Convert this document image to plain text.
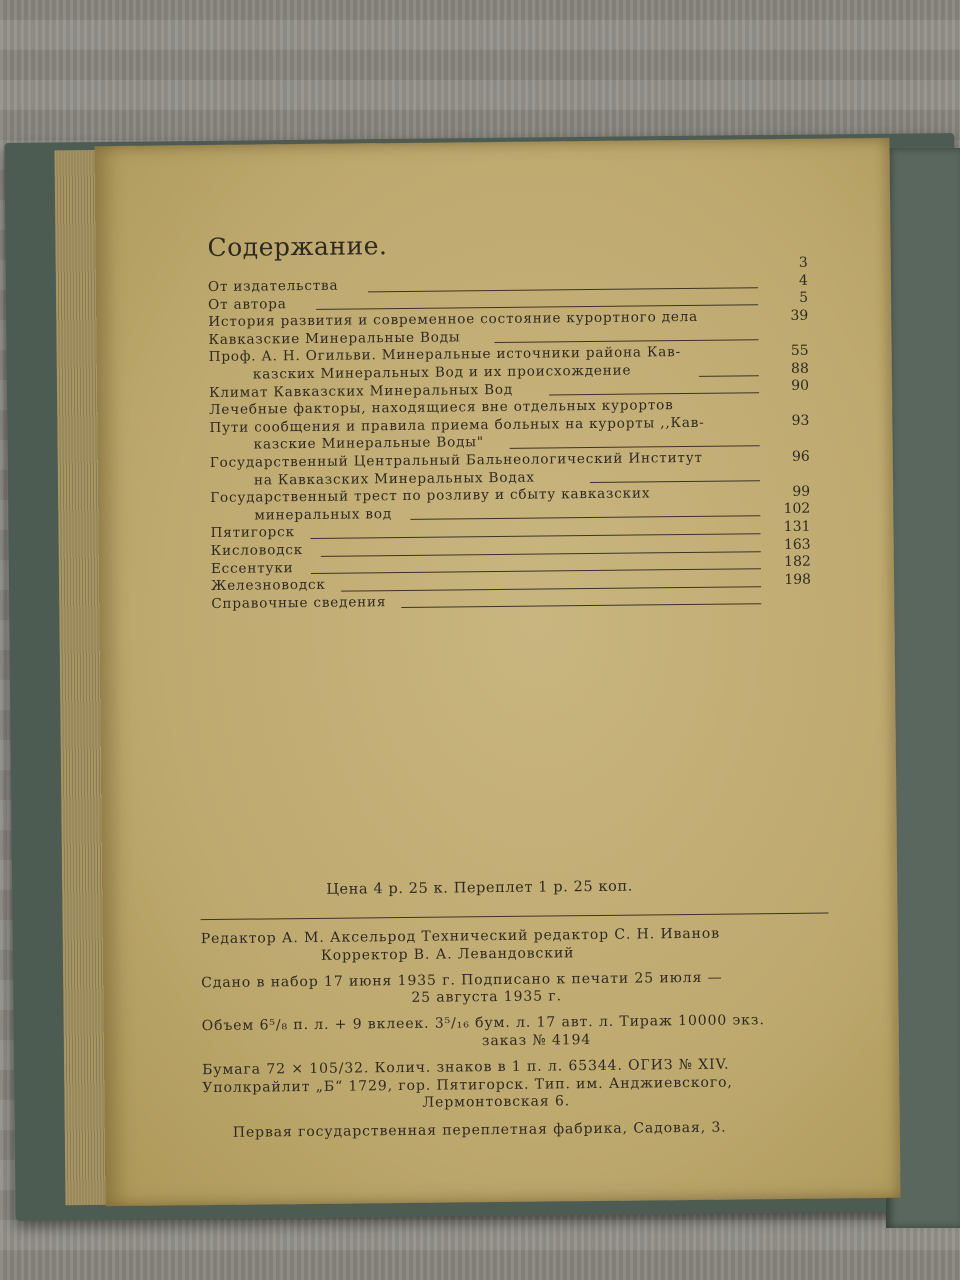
Содержание.
3
4
5
39
55
88
90
93
96
99
102
131
163
182
198
От издательства
От автора
История развития и современное состояние курортного дела
Кавказские Минеральные Воды
Проф. А. Н. Огильви. Минеральные источники района Кав-
казских Минеральных Вод и их происхождение
Климат Кавказских Минеральных Вод
Лечебные факторы, находящиеся вне отдельных курортов
Пути сообщения и правила приема больных на курорты ,,Кав-
казские Минеральные Воды"
Государственный Центральный Бальнеологический Институт
на Кавказских Минеральных Водах
Государственный трест по розливу и сбыту кавказских
минеральных вод
Пятигорск
Кисловодск
Ессентуки
Железноводск
Справочные сведения
Цена 4 р. 25 к. Переплет 1 р. 25 коп.
Редактор А. М. Аксельрод Технический редактор С. Н. Иванов
Корректор В. А. Левандовский
Сдано в набор 17 июня 1935 г. Подписано к печати 25 июля —
25 августа 1935 г.
Объем 6⁵/₈ п. л. + 9 вклеек. 3⁵/₁₆ бум. л. 17 авт. л. Тираж 10000 экз.
заказ № 4194
Бумага 72 × 105/32. Колич. знаков в 1 п. л. 65344. ОГИЗ № XIV.
Уполкрайлит „Б“ 1729, гор. Пятигорск. Тип. им. Анджиевского,
Лермонтовская 6.
Первая государственная переплетная фабрика, Садовая, 3.
